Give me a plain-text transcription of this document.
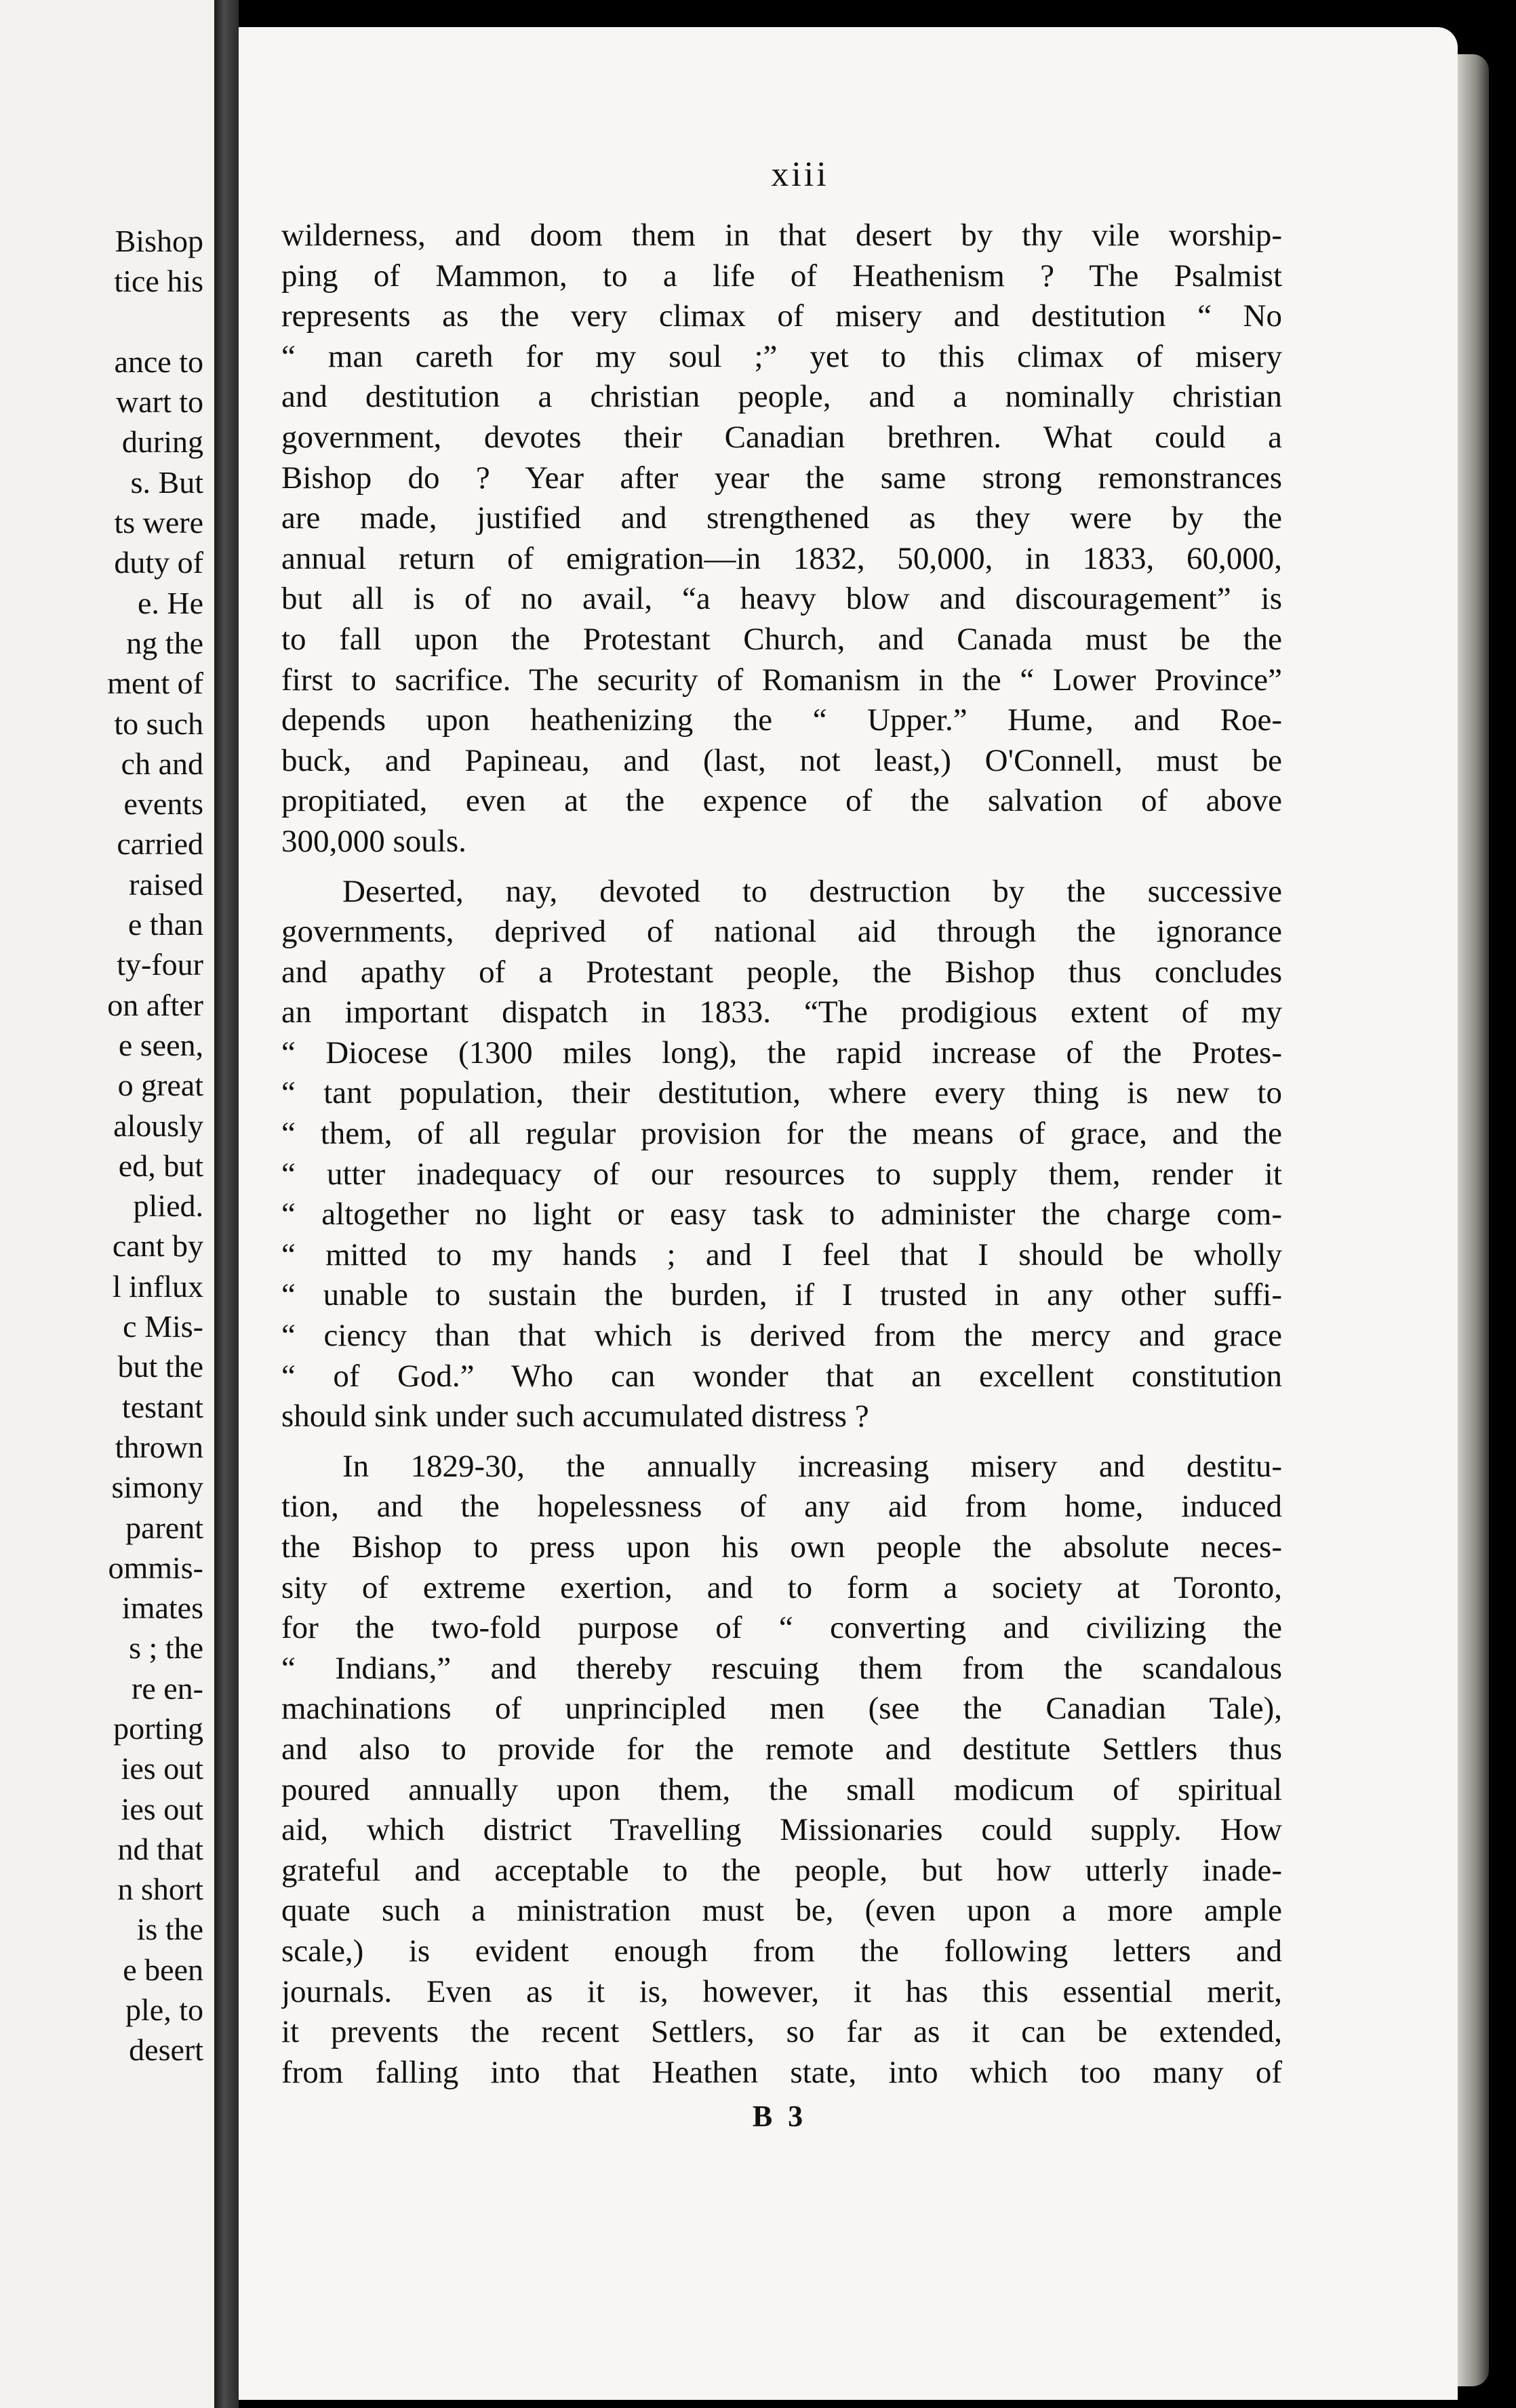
Bishop
tice his
ance to
wart to
during
s. But
ts were
duty of
e. He
ng the
ment of
to such
ch and
events
carried
raised
e than
ty-four
on after
e seen,
o great
alously
ed, but
plied.
cant by
l influx
c Mis-
but the
testant
thrown
simony
parent
ommis-
imates
s ; the
re en-
porting
ies out
ies out
nd that
n short
is the
e been
ple, to
desert
xiii
wilderness, and doom them in that desert by thy vile worship-
ping of Mammon, to a life of Heathenism ? The Psalmist
represents as the very climax of misery and destitution “ No
“ man careth for my soul ;” yet to this climax of misery
and destitution a christian people, and a nominally christian
government, devotes their Canadian brethren. What could a
Bishop do ? Year after year the same strong remonstrances
are made, justified and strengthened as they were by the
annual return of emigration—in 1832, 50,000, in 1833, 60,000,
but all is of no avail, “a heavy blow and discouragement” is
to fall upon the Protestant Church, and Canada must be the
first to sacrifice. The security of Romanism in the “ Lower Province”
depends upon heathenizing the “ Upper.” Hume, and Roe-
buck, and Papineau, and (last, not least,) O'Connell, must be
propitiated, even at the expence of the salvation of above
300,000 souls.
Deserted, nay, devoted to destruction by the successive
governments, deprived of national aid through the ignorance
and apathy of a Protestant people, the Bishop thus concludes
an important dispatch in 1833. “The prodigious extent of my
“ Diocese (1300 miles long), the rapid increase of the Protes-
“ tant population, their destitution, where every thing is new to
“ them, of all regular provision for the means of grace, and the
“ utter inadequacy of our resources to supply them, render it
“ altogether no light or easy task to administer the charge com-
“ mitted to my hands ; and I feel that I should be wholly
“ unable to sustain the burden, if I trusted in any other suffi-
“ ciency than that which is derived from the mercy and grace
“ of God.” Who can wonder that an excellent constitution
should sink under such accumulated distress ?
In 1829-30, the annually increasing misery and destitu-
tion, and the hopelessness of any aid from home, induced
the Bishop to press upon his own people the absolute neces-
sity of extreme exertion, and to form a society at Toronto,
for the two-fold purpose of “ converting and civilizing the
“ Indians,” and thereby rescuing them from the scandalous
machinations of unprincipled men (see the Canadian Tale),
and also to provide for the remote and destitute Settlers thus
poured annually upon them, the small modicum of spiritual
aid, which district Travelling Missionaries could supply. How
grateful and acceptable to the people, but how utterly inade-
quate such a ministration must be, (even upon a more ample
scale,) is evident enough from the following letters and
journals. Even as it is, however, it has this essential merit,
it prevents the recent Settlers, so far as it can be extended,
from falling into that Heathen state, into which too many of
B 3
